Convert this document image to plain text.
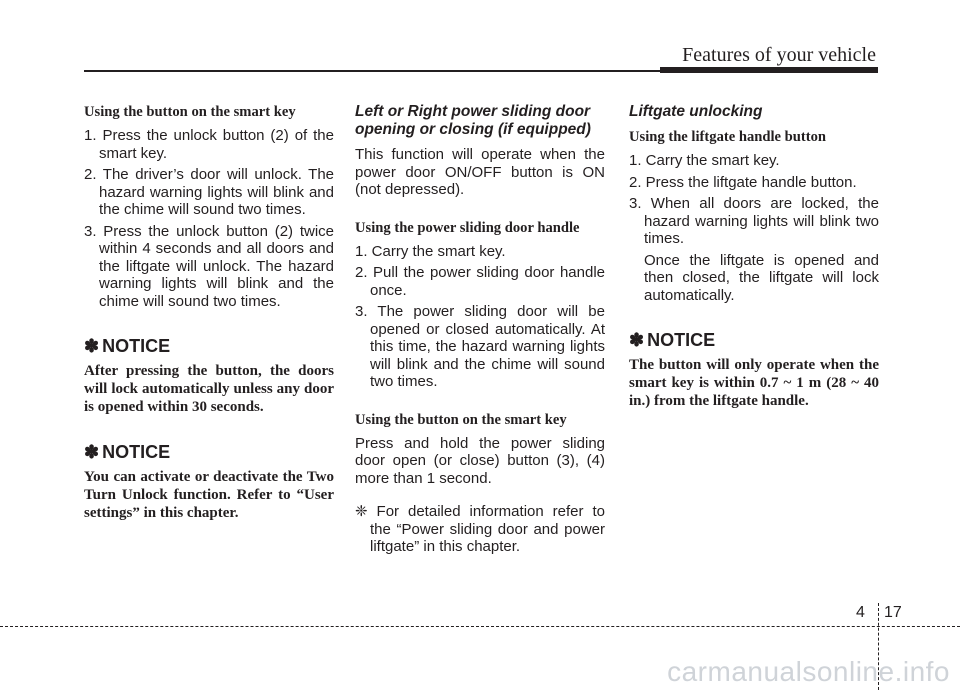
Features of your vehicle
Using the button on the smart key
1. Press the unlock button (2) of the smart key.
2. The driver’s door will unlock. The hazard warning lights will blink and the chime will sound two times.
3. Press the unlock button (2) twice within 4 seconds and all doors and the liftgate will unlock. The hazard warning lights will blink and the chime will sound two times.
✽ NOTICE

After pressing the button, the doors will lock automatically unless any door is opened within 30 seconds.

✽ NOTICE

You can activate or deactivate the Two Turn Unlock function. Refer to “User settings” in this chapter.

Left or Right power sliding door opening or closing (if equipped)

This function will operate when the power door ON/OFF button is ON (not depressed).

Using the power sliding door handle
1. Carry the smart key.
2. Pull the power sliding door handle once.
3. The power sliding door will be opened or closed automatically. At this time, the hazard warning lights will blink and the chime will sound two times.
Using the button on the smart key

Press and hold the power sliding door open (or close) button (3), (4) more than 1 second.

❈ For detailed information refer to the “Power sliding door and power liftgate” in this chapter.

Liftgate unlocking
Using the liftgate handle button
1. Carry the smart key.
2. Press the liftgate handle button.
3. When all doors are locked, the hazard warning lights will blink two times.

Once the liftgate is opened and then closed, the liftgate will lock automatically.

✽ NOTICE

The button will only operate when the smart key is within 0.7 ~ 1 m (28 ~ 40 in.) from the liftgate handle.

4 17
carmanualsonline.info
